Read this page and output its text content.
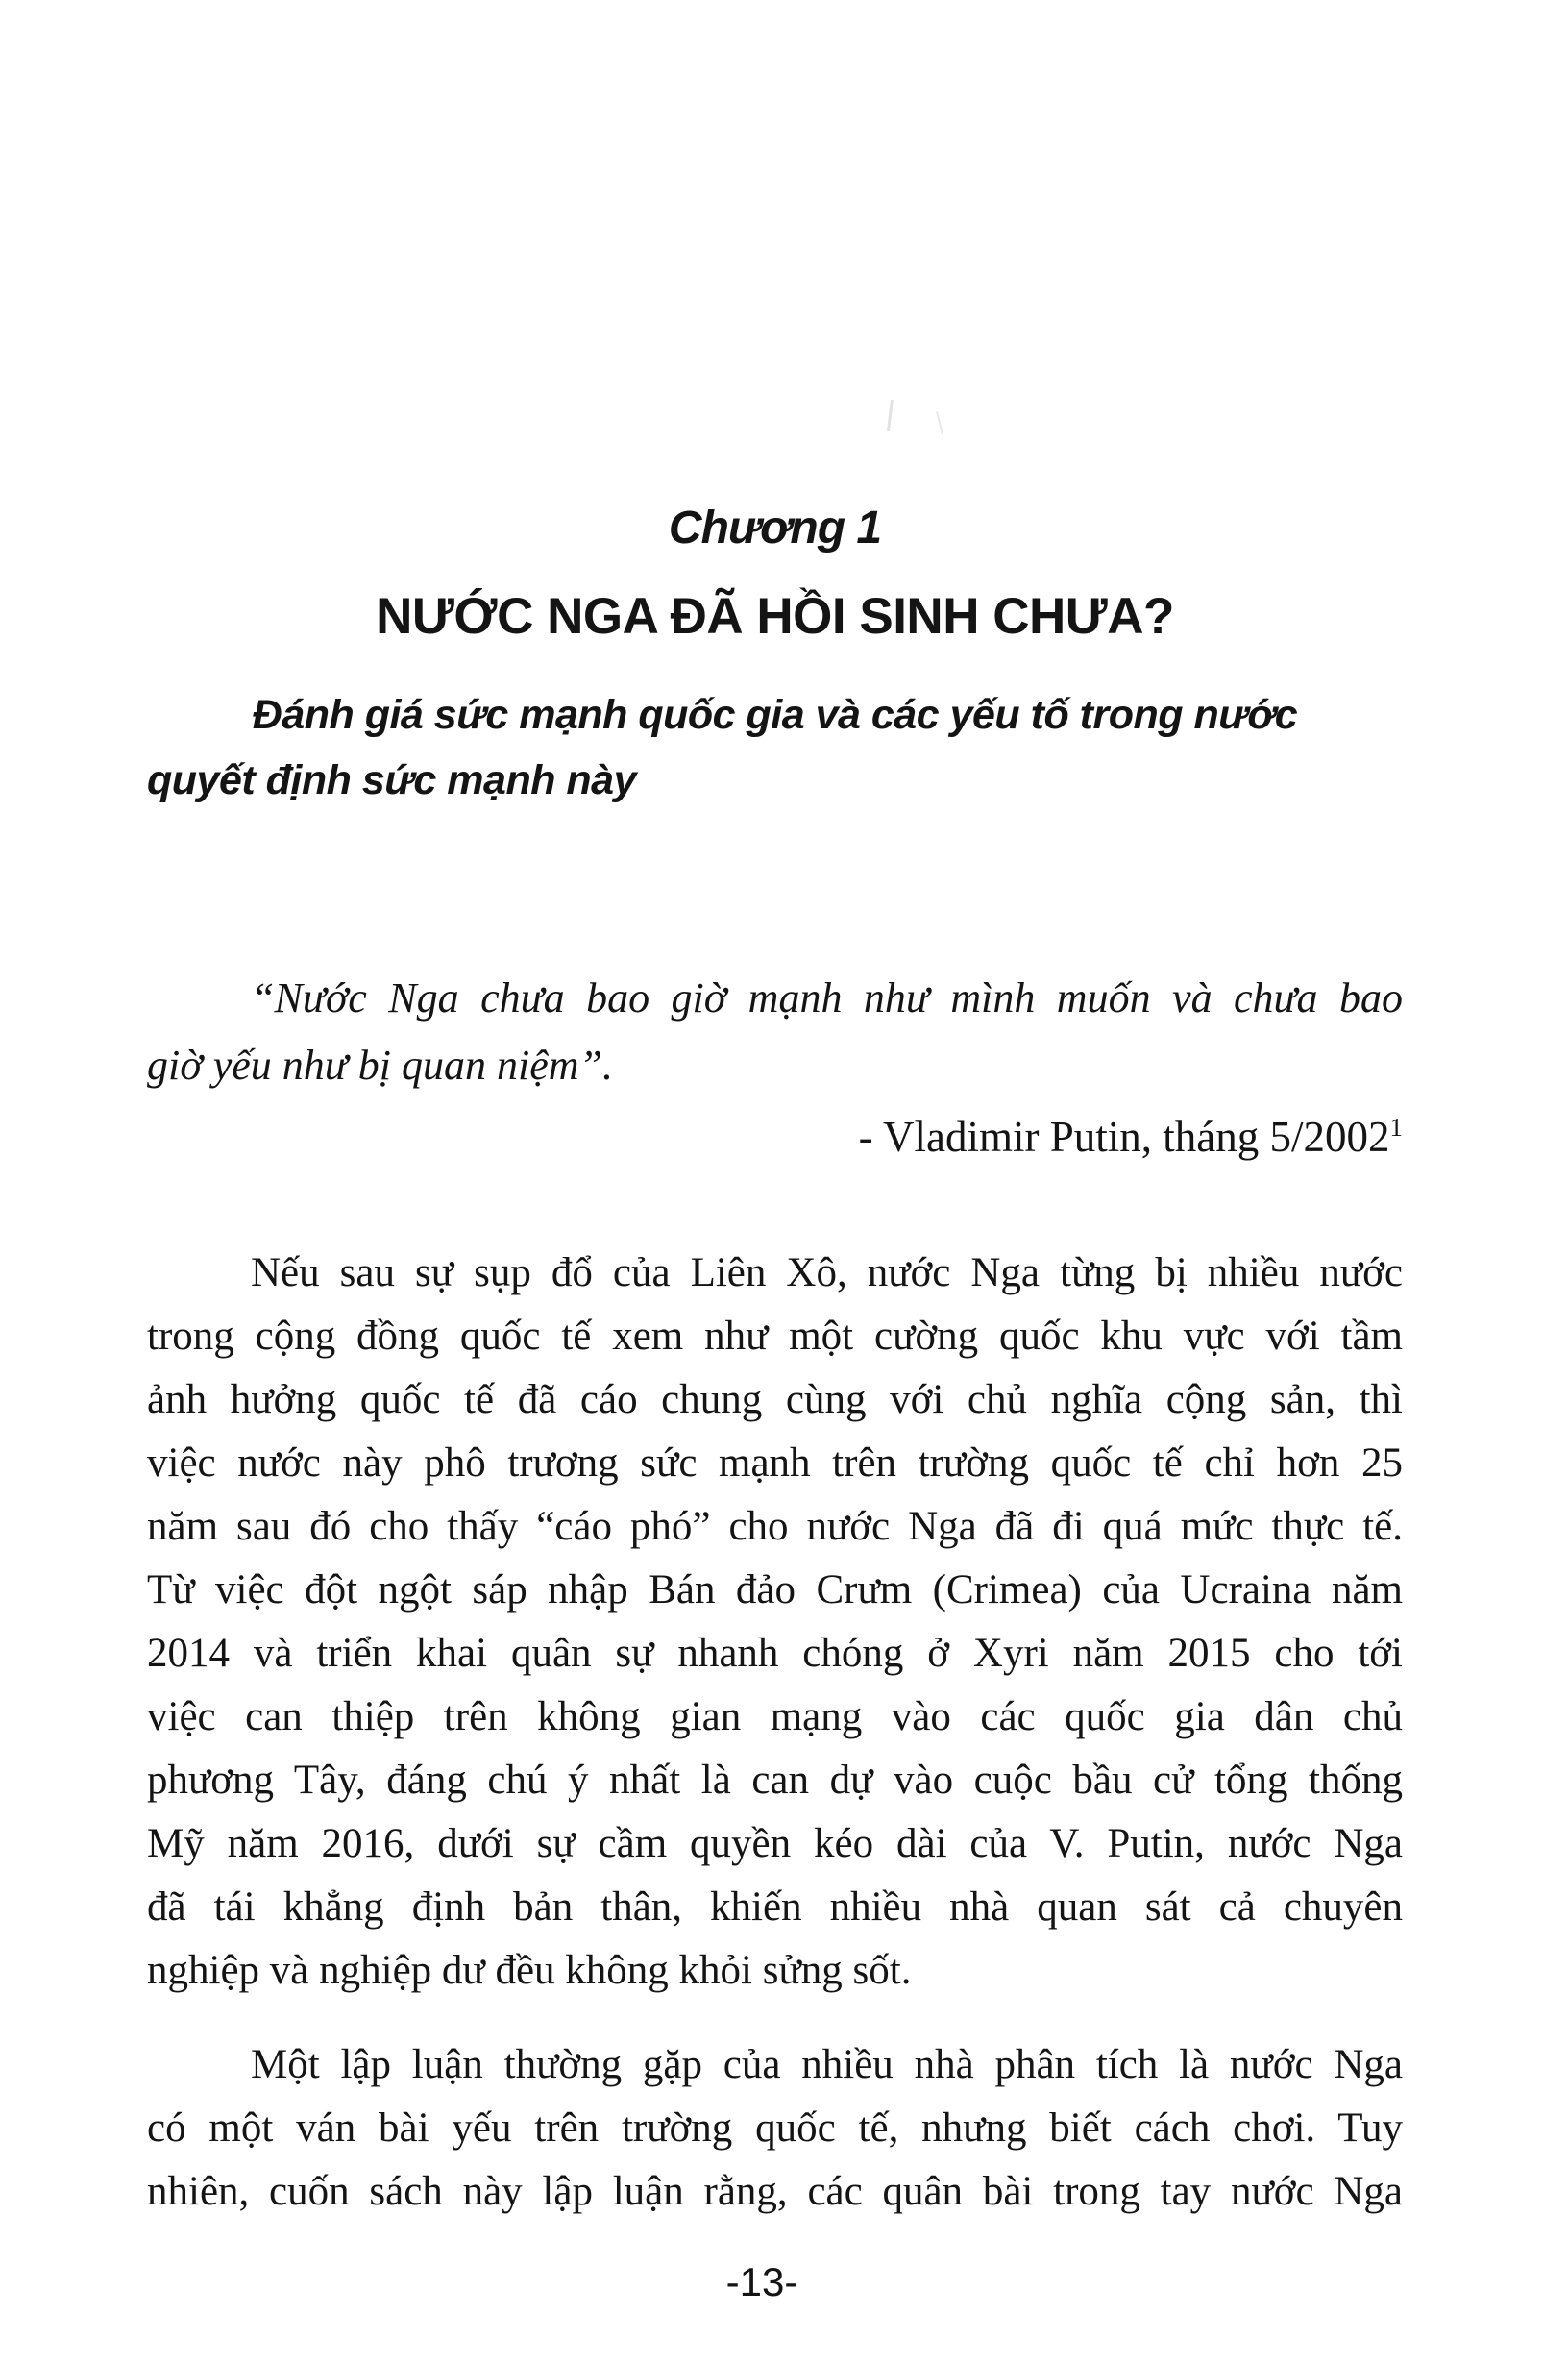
Chương 1
NƯỚC NGA ĐÃ HỒI SINH CHƯA?
Đánh giá sức mạnh quốc gia và các yếu tố trong nước
quyết định sức mạnh này
“Nước Nga chưa bao giờ mạnh như mình muốn và chưa bao
giờ yếu như bị quan niệm”.
- Vladimir Putin, tháng 5/2002$^1$
Nếu sau sự sụp đổ của Liên Xô, nước Nga từng bị nhiều nước
trong cộng đồng quốc tế xem như một cường quốc khu vực với tầm
ảnh hưởng quốc tế đã cáo chung cùng với chủ nghĩa cộng sản, thì
việc nước này phô trương sức mạnh trên trường quốc tế chỉ hơn 25
năm sau đó cho thấy “cáo phó” cho nước Nga đã đi quá mức thực tế.
Từ việc đột ngột sáp nhập Bán đảo Crưm (Crimea) của Ucraina năm
2014 và triển khai quân sự nhanh chóng ở Xyri năm 2015 cho tới
việc can thiệp trên không gian mạng vào các quốc gia dân chủ
phương Tây, đáng chú ý nhất là can dự vào cuộc bầu cử tổng thống
Mỹ năm 2016, dưới sự cầm quyền kéo dài của V. Putin, nước Nga
đã tái khẳng định bản thân, khiến nhiều nhà quan sát cả chuyên
nghiệp và nghiệp dư đều không khỏi sửng sốt.
Một lập luận thường gặp của nhiều nhà phân tích là nước Nga
có một ván bài yếu trên trường quốc tế, nhưng biết cách chơi. Tuy
nhiên, cuốn sách này lập luận rằng, các quân bài trong tay nước Nga
-13-
